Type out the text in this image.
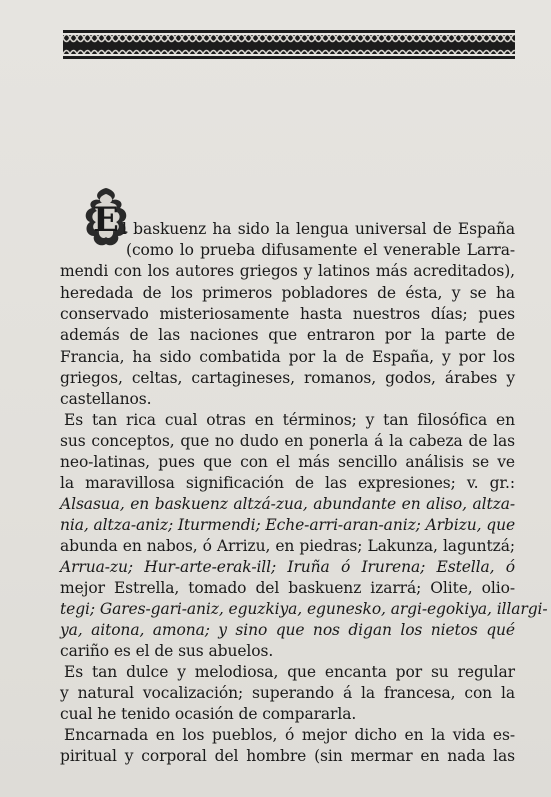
E l baskuenz ha sido la lengua universal de España
(como lo prueba difusamente el venerable Larra-
mendi con los autores griegos y latinos más acreditados),
heredada de los primeros pobladores de ésta, y se ha
conservado misteriosamente hasta nuestros días; pues
además de las naciones que entraron por la parte de
Francia, ha sido combatida por la de España, y por los
griegos, celtas, cartagineses, romanos, godos, árabes y
castellanos.
Es tan rica cual otras en términos; y tan filosófica en
sus conceptos, que no dudo en ponerla á la cabeza de las
neo-latinas, pues que con el más sencillo análisis se ve
la maravillosa significación de las expresiones; v. gr.:
Alsasua, en baskuenz altzá-zua, abundante en aliso, altza-
nia, altza-aniz; Iturmendi; Eche-arri-aran-aniz; Arbizu, que
abunda en nabos, ó Arrizu, en piedras; Lakunza, laguntzá;
Arrua-zu; Hur-arte-erak-ill; Iruña ó Irurena; Estella, ó
mejor Estrella, tomado del baskuenz izarrá; Olite, olio-
tegi; Gares-gari-aniz, eguzkiya, egunesko, argi-egokiya, illargi-
ya, aitona, amona; y sino que nos digan los nietos qué
cariño es el de sus abuelos.
Es tan dulce y melodiosa, que encanta por su regular
y natural vocalización; superando á la francesa, con la
cual he tenido ocasión de compararla.
Encarnada en los pueblos, ó mejor dicho en la vida es-
piritual y corporal del hombre (sin mermar en nada las
